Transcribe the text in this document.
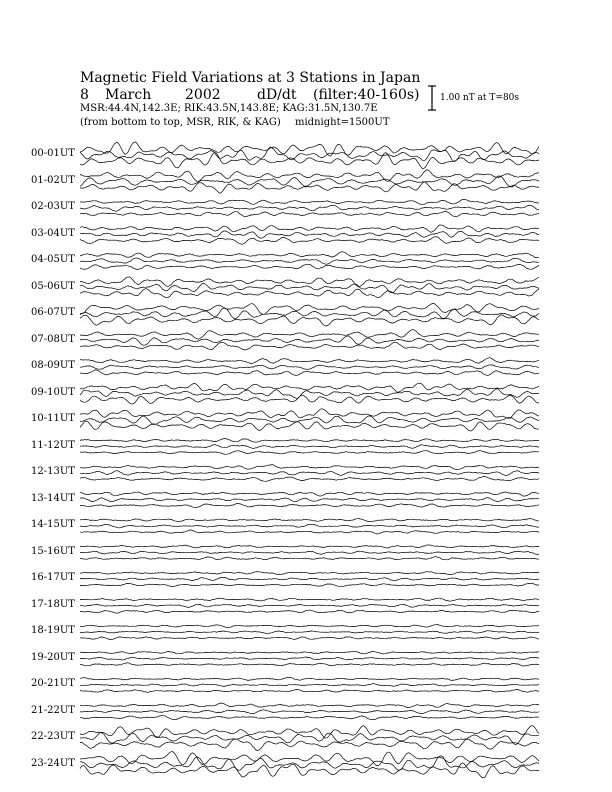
Magnetic Field Variations at 3 Stations in Japan
8 March 2002	dD/dt (filter:40-160s)
MSR:44.4N,142.3E; RIK:43.5N,143.8E; KAG:31.5N,130.7E
(from bottom to top, MSR, RIK, & KAG) midnight=1500UT
1.00 nT at T=80s
00-01UT
01-02UT
02-03UT
03-04UT
04-05UT
05-06UT
06-07UT
07-08UT
08-09UT
09-10UT
10-11UT
11-12UT
12-13UT
13-14UT
14-15UT
15-16UT
16-17UT
17-18UT
18-19UT
19-20UT
20-21UT
21-22UT
22-23UT
23-24UT
